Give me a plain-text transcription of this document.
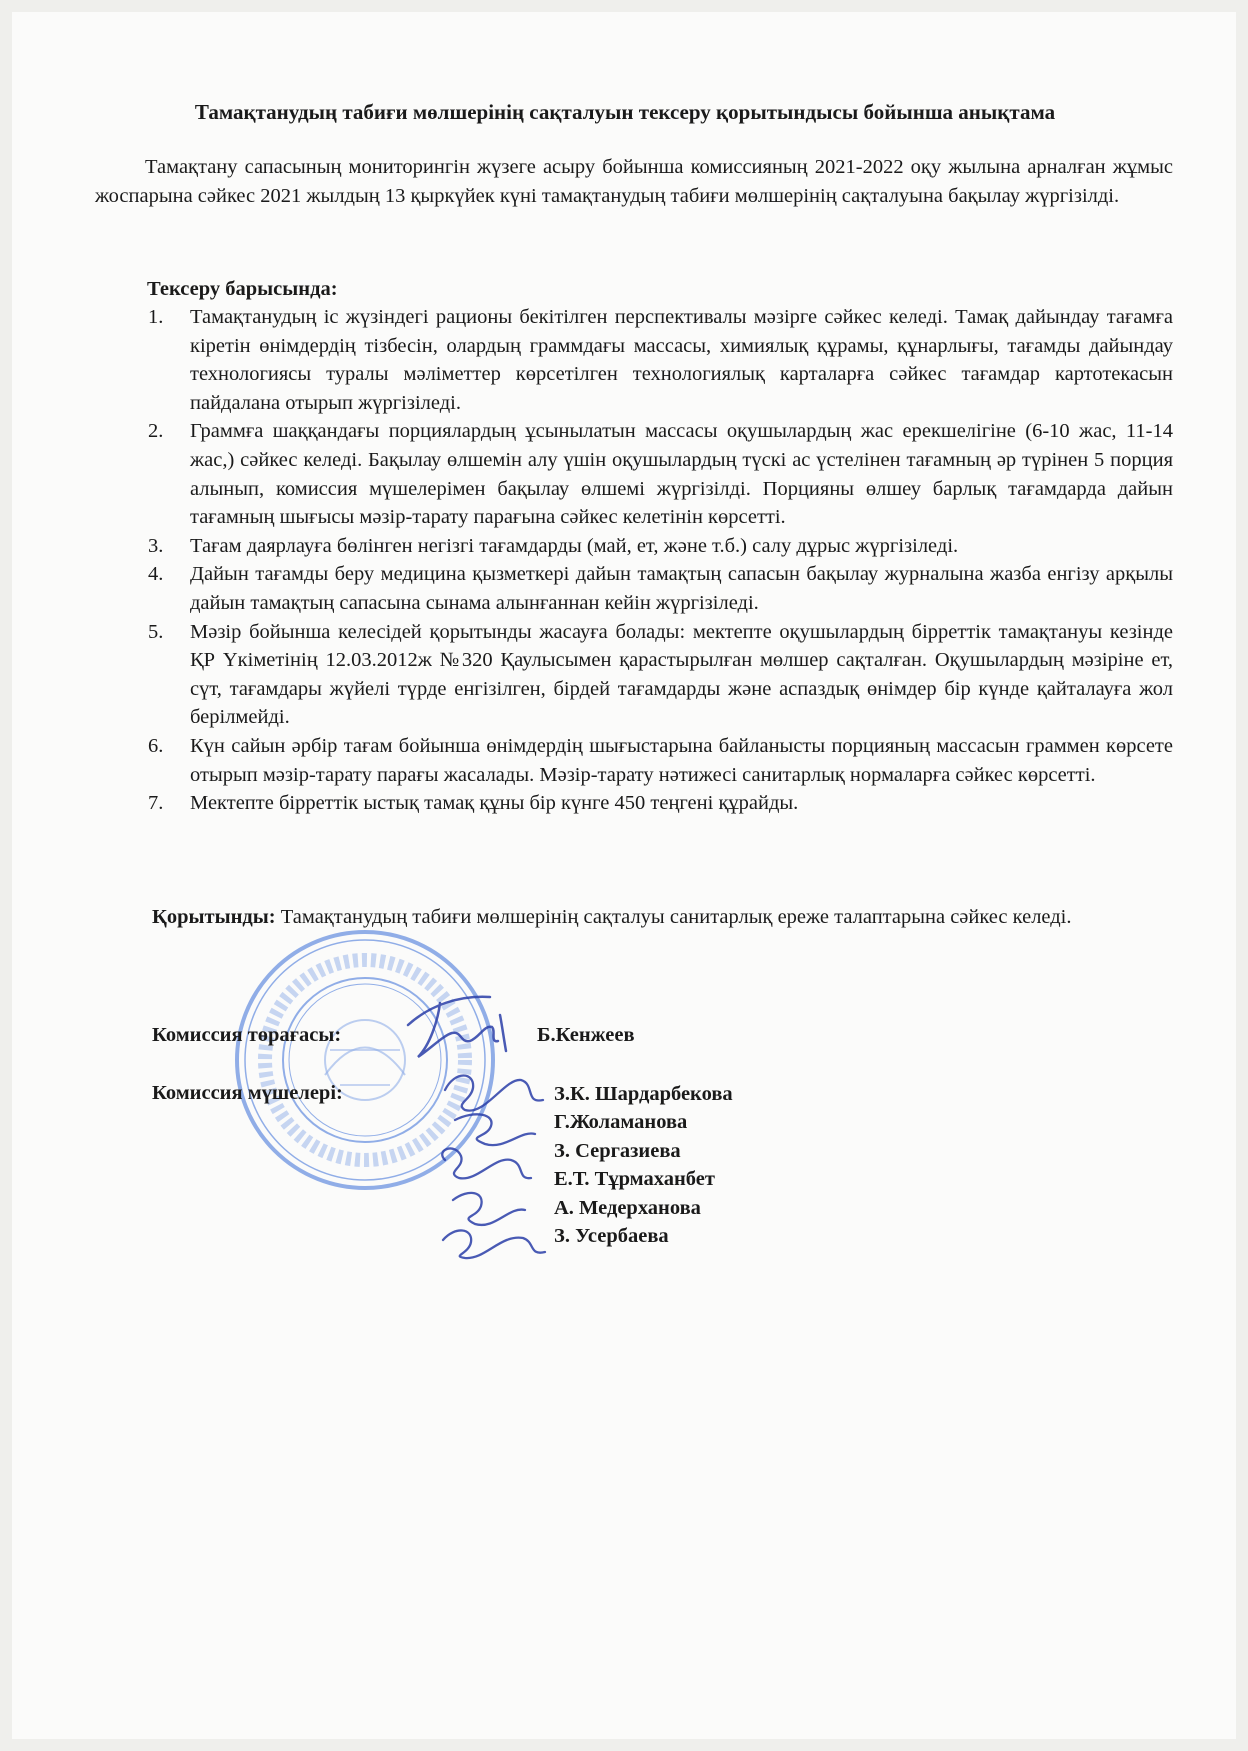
Тамақтанудың табиғи мөлшерінің сақталуын тексеру қорытындысы бойынша анықтама
Тамақтану сапасының мониторингін жүзеге асыру бойынша комиссияның 2021-2022 оқу жылына арналған жұмыс жоспарына сәйкес 2021 жылдың 13 қыркүйек күні тамақтанудың табиғи мөлшерінің сақталуына бақылау жүргізілді.
Тексеру барысында:
1. Тамақтанудың іс жүзіндегі рационы бекітілген перспективалы мәзірге сәйкес келеді. Тамақ дайындау тағамға кіретін өнімдердің тізбесін, олардың граммдағы массасы, химиялық құрамы, құнарлығы, тағамды дайындау технологиясы туралы мәліметтер көрсетілген технологиялық карталарға сәйкес тағамдар картотекасын пайдалана отырып жүргізіледі.
2. Граммға шаққандағы порциялардың ұсынылатын массасы оқушылардың жас ерекшелігіне (6-10 жас, 11-14 жас,) сәйкес келеді. Бақылау өлшемін алу үшін оқушылардың түскі ас үстелінен тағамның әр түрінен 5 порция алынып, комиссия мүшелерімен бақылау өлшемі жүргізілді. Порцияны өлшеу барлық тағамдарда дайын тағамның шығысы мәзір-тарату парағына сәйкес келетінін көрсетті.
3. Тағам даярлауға бөлінген негізгі тағамдарды (май, ет, және т.б.) салу дұрыс жүргізіледі.
4. Дайын тағамды беру медицина қызметкері дайын тамақтың сапасын бақылау журналына жазба енгізу арқылы дайын тамақтың сапасына сынама алынғаннан кейін жүргізіледі.
5. Мәзір бойынша келесідей қорытынды жасауға болады: мектепте оқушылардың бірреттік тамақтануы кезінде ҚР Үкіметінің 12.03.2012ж №320 Қаулысымен қарастырылған мөлшер сақталған. Оқушылардың мәзіріне ет, сүт, тағамдары жүйелі түрде енгізілген, бірдей тағамдарды және аспаздық өнімдер бір күнде қайталауға жол берілмейді.
6. Күн сайын әрбір тағам бойынша өнімдердің шығыстарына байланысты порцияның массасын граммен көрсете отырып мәзір-тарату парағы жасалады. Мәзір-тарату нәтижесі санитарлық нормаларға сәйкес көрсетті.
7. Мектепте бірреттік ыстық тамақ құны бір күнге 450 теңгені құрайды.
Қорытынды: Тамақтанудың табиғи мөлшерінің сақталуы санитарлық ереже талаптарына сәйкес келеді.
Комиссия төрағасы:	Б.Кенжеев
Комиссия мүшелері:	З.К. Шардарбекова
Г.Жоламанова
З. Сергазиева
Е.Т. Тұрмаханбет
А. Медерханова
З. Усербаева
